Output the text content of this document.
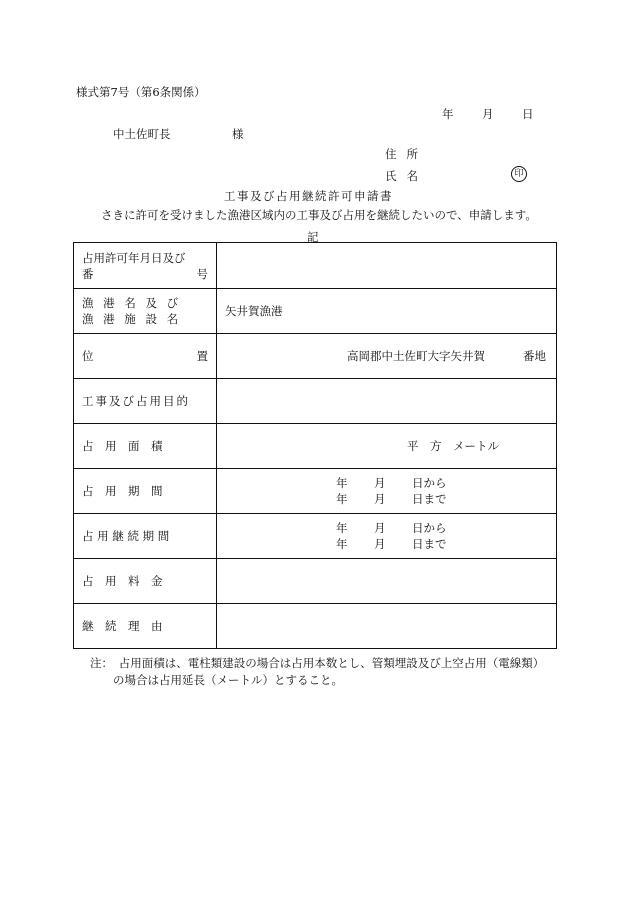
様式第7号（第6条関係）
年 月 日
中土佐町長	様
住所
氏名	印
工事及び占用継続許可申請書
さきに許可を受けました漁港区域内の工事及び占用を継続したいので、申請します。
記
占用許可年月日及び
番 号	

漁 港 名 及 び
漁 港 施 設 名	矢井賀漁港

位 置	高岡郡中土佐町大字矢井賀 番地
工事及び占用目的	
占　用　面　積	平　方　メートル
占　用　期　間	年 月 日から
年 月 日まで

占 用 継 続 期 間	年 月 日から
年 月 日まで

占　用　料　金	
継　続　理　由	
注：　占用面積は、電柱類建設の場合は占用本数とし、管類埋設及び上空占用（電線類）
の場合は占用延長（メートル）とすること。
